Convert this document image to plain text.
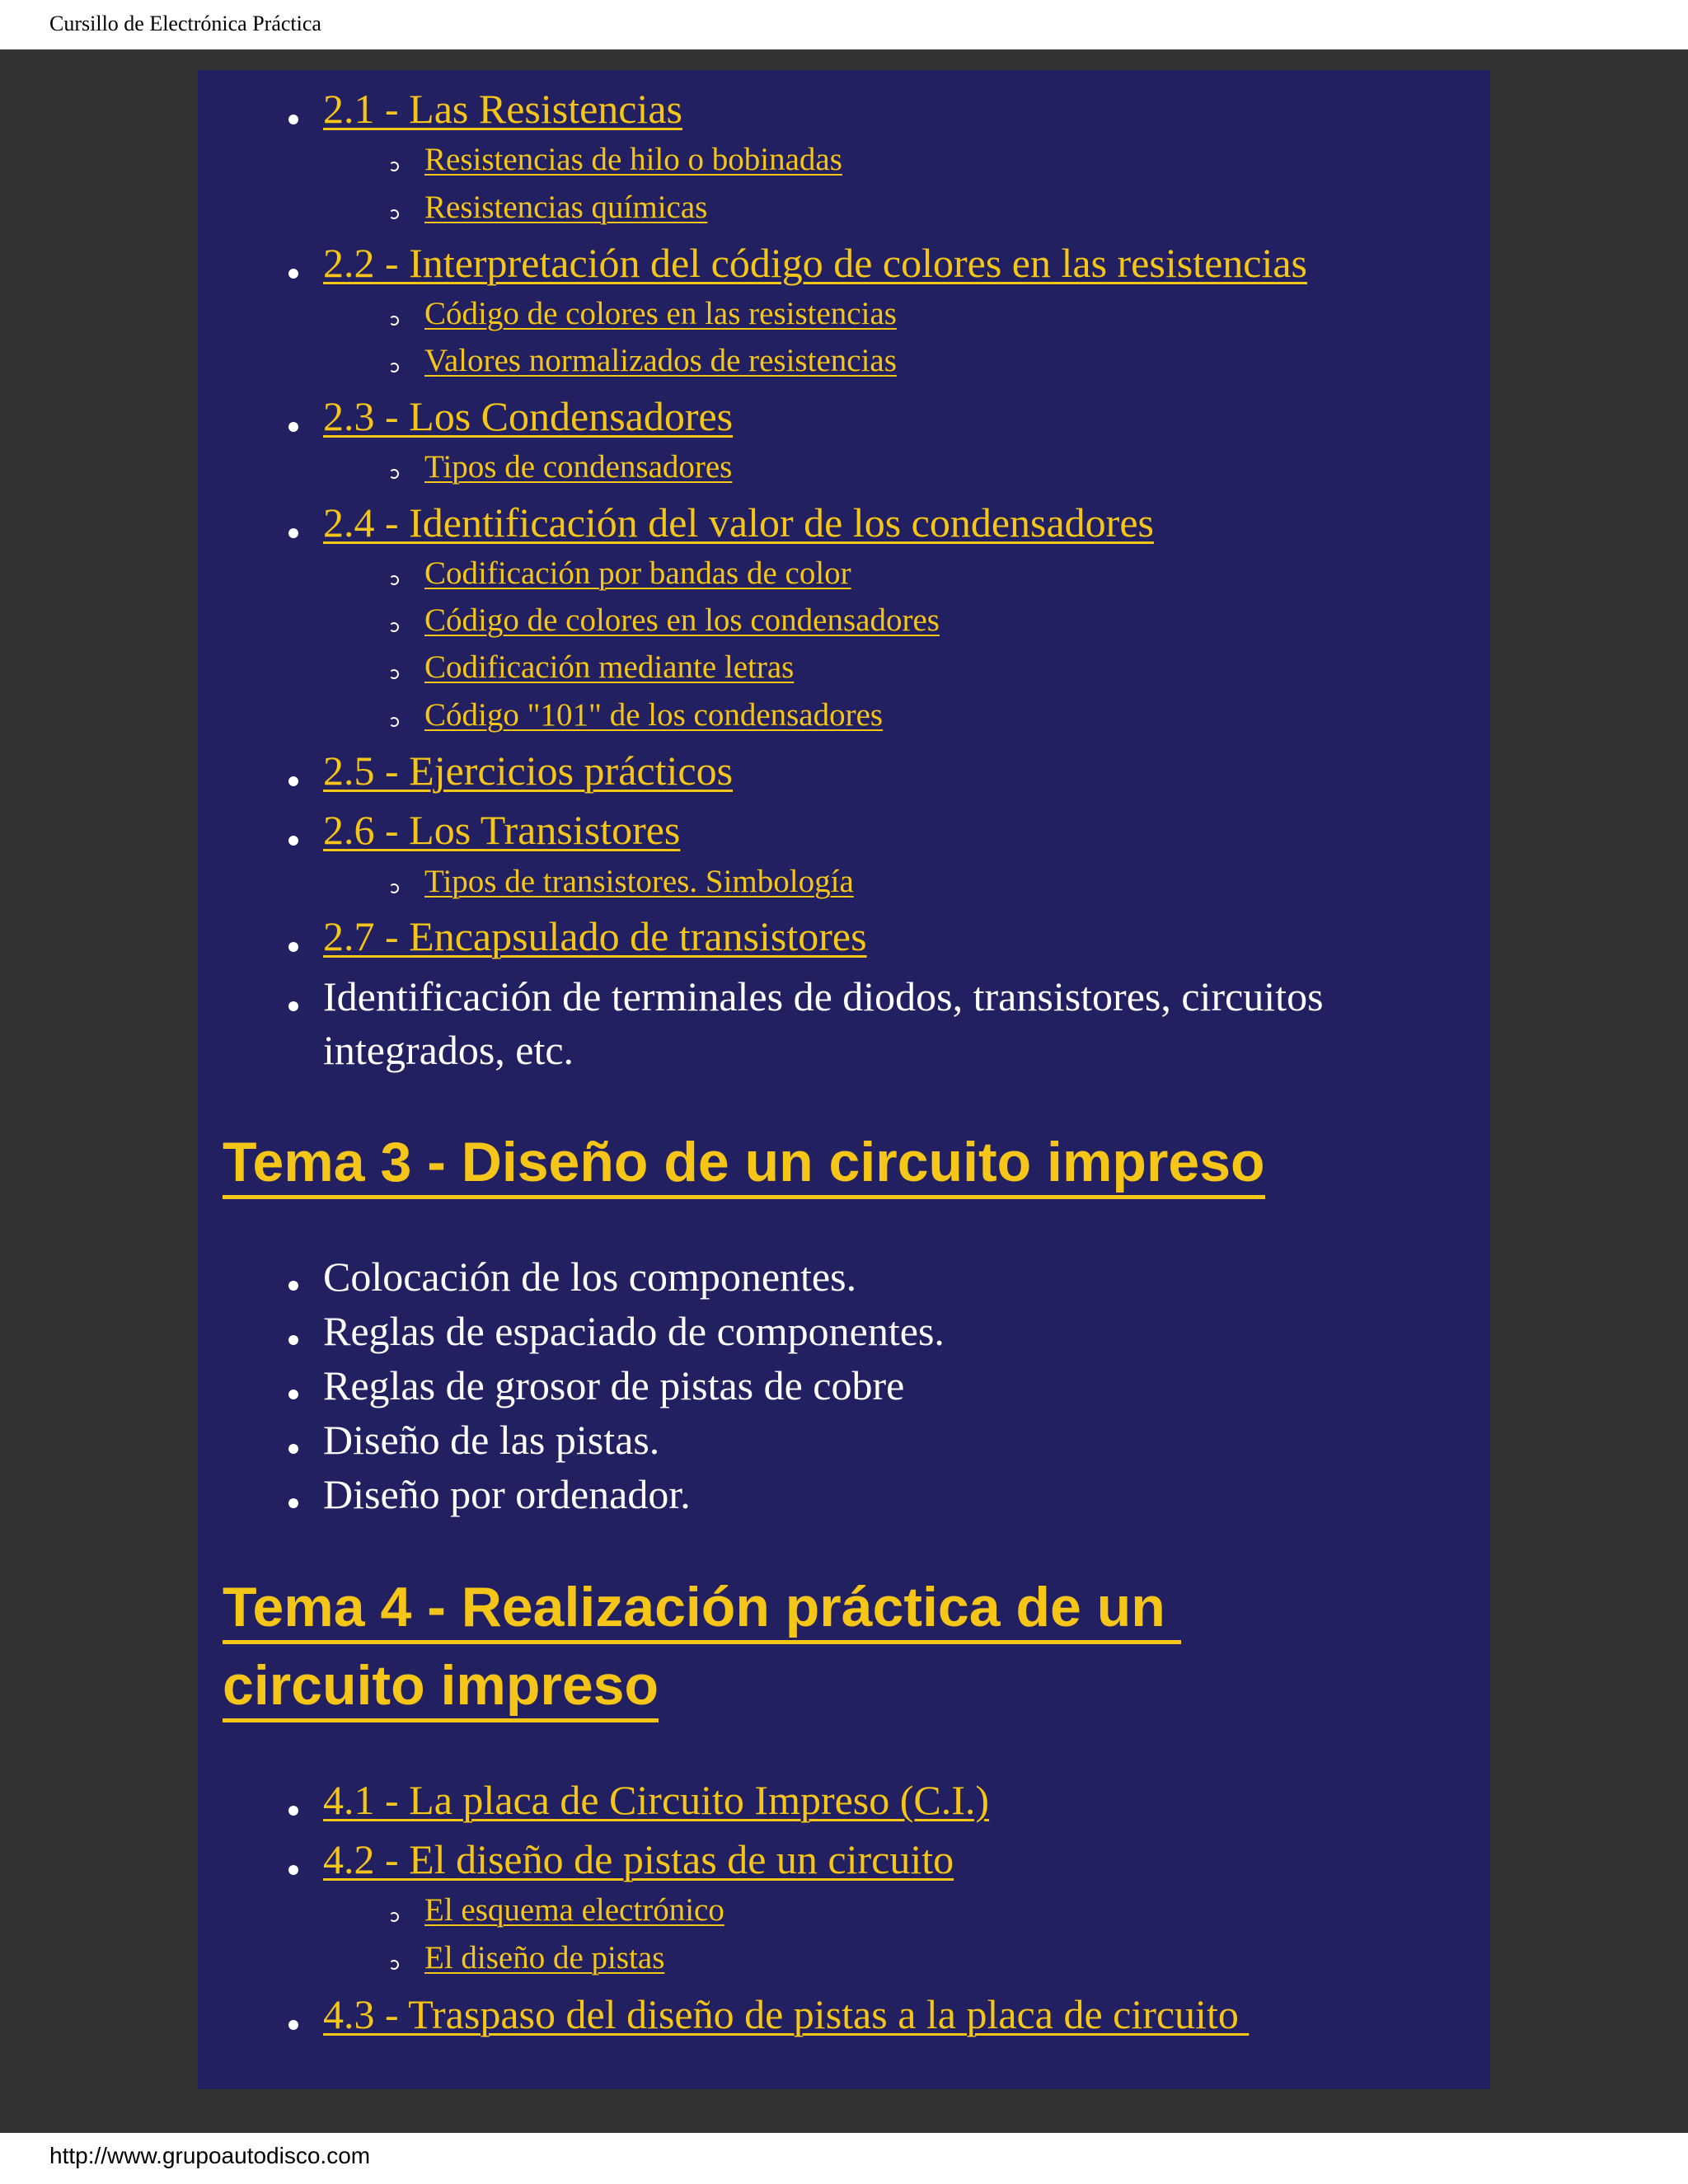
Cursillo de Electrónica Práctica
2.1 - Las Resistencias
Resistencias de hilo o bobinadas
Resistencias químicas
2.2 - Interpretación del código de colores en las resistencias
Código de colores en las resistencias
Valores normalizados de resistencias
2.3 - Los Condensadores
Tipos de condensadores
2.4 - Identificación del valor de los condensadores
Codificación por bandas de color
Código de colores en los condensadores
Codificación mediante letras
Código "101" de los condensadores
2.5 - Ejercicios prácticos
2.6 - Los Transistores
Tipos de transistores. Simbología
2.7 - Encapsulado de transistores
Identificación de terminales de diodos, transistores, circuitos integrados, etc.
Tema 3 - Diseño de un circuito impreso
Colocación de los componentes.
Reglas de espaciado de componentes.
Reglas de grosor de pistas de cobre
Diseño de las pistas.
Diseño por ordenador.
Tema 4 - Realización práctica de un
circuito impreso
4.1 - La placa de Circuito Impreso (C.I.)
4.2 - El diseño de pistas de un circuito
El esquema electrónico
El diseño de pistas
4.3 - Traspaso del diseño de pistas a la placa de circuito
http://www.grupoautodisco.com
